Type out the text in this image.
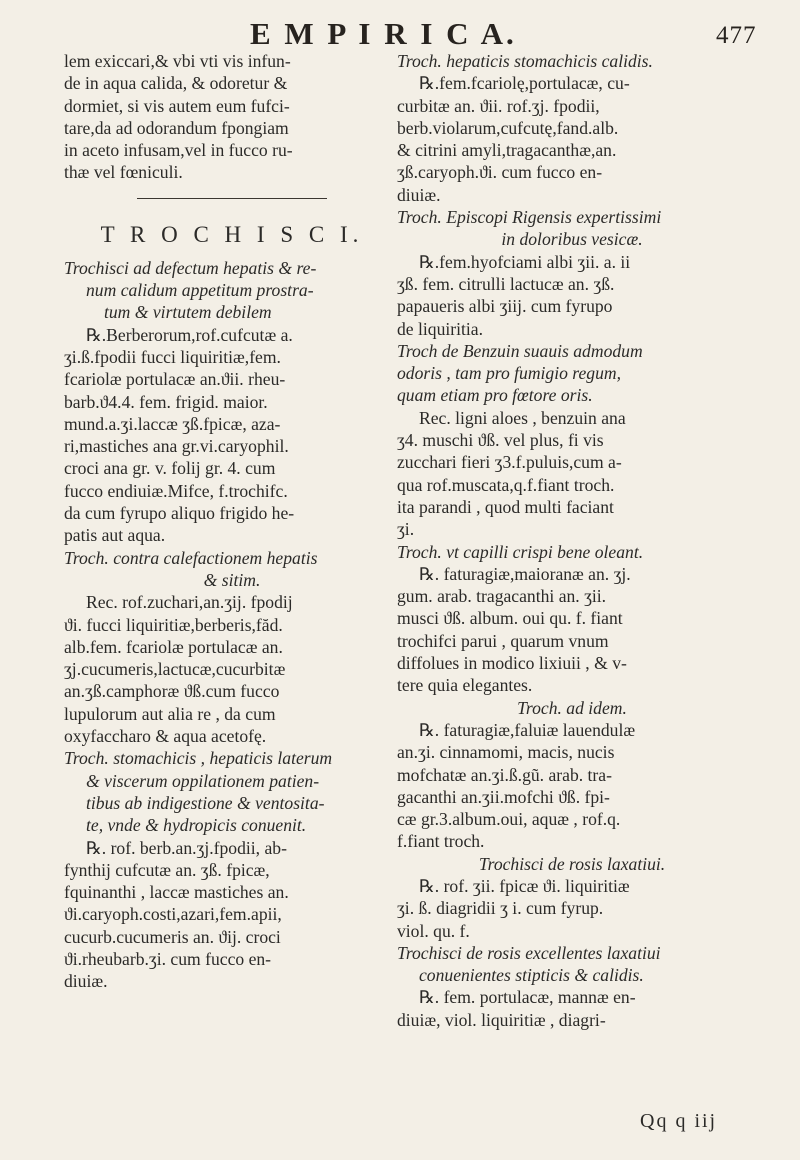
E M P I R I C A.	477
lem exiccari,& vbi vti vis infun-
de in aqua calida, & odoretur &
dormiet, si vis autem eum fufci-
tare,da ad odorandum fpongiam
in aceto infusam,vel in fucco ru-
thæ vel fœniculi.
T R O C H I S C I.
Trochisci ad defectum hepatis & re-
num calidum appetitum prostra-
tum & virtutem debilem
℞.Berberorum,rof.cufcutæ a.
ʒi.ß.fpodii fucci liquiritiæ,fem.
fcariolæ portulacæ an.ϑii. rheu-
barb.ϑ4.4. fem. frigid. maior.
mund.a.ʒi.laccæ ʒß.fpicæ, aza-
ri,mastiches ana gr.vi.caryophil.
croci ana gr. v. folij gr. 4. cum
fucco endiuiæ.Mifce, f.trochifc.
da cum fyrupo aliquo frigido he-
patis aut aqua.
Troch. contra calefactionem hepatis
& sitim.
Rec. rof.zuchari,an.ʒij. fpodij
ϑi. fucci liquiritiæ,berberis,făd.
alb.fem. fcariolæ portulacæ an.
ʒj.cucumeris,lactucæ,cucurbitæ
an.ʒß.camphoræ ϑß.cum fucco
lupulorum aut alia re , da cum
oxyfaccharo & aqua acetofę.
Troch. stomachicis , hepaticis laterum
& viscerum oppilationem patien-
tibus ab indigestione & ventosita-
te, vnde & hydropicis conuenit.
℞. rof. berb.an.ʒj.fpodii, ab-
fynthij cufcutæ an. ʒß. fpicæ,
fquinanthi , laccæ mastiches an.
ϑi.caryoph.costi,azari,fem.apii,
cucurb.cucumeris an. ϑij. croci
ϑi.rheubarb.ʒi. cum fucco en-
diuiæ.
Troch. hepaticis stomachicis calidis.
℞.fem.fcariolę,portulacæ, cu-
curbitæ an. ϑii. rof.ʒj. fpodii,
berb.violarum,cufcutę,fand.alb.
& citrini amyli,tragacanthæ,an.
ʒß.caryoph.ϑi. cum fucco en-
diuiæ.
Troch. Episcopi Rigensis expertissimi
in doloribus vesicæ.
℞.fem.hyofciami albi ʒii. a. ii
ʒß. fem. citrulli lactucæ an. ʒß.
papaueris albi ʒiij. cum fyrupo
de liquiritia.
Troch de Benzuin suauis admodum
odoris , tam pro fumigio regum,
quam etiam pro fœtore oris.
Rec. ligni aloes , benzuin ana
ʒ4. muschi ϑß. vel plus, fi vis
zucchari fieri ʒ3.f.puluis,cum a-
qua rof.muscata,q.f.fiant troch.
ita parandi , quod multi faciant
ʒi.
Troch. vt capilli crispi bene oleant.
℞. faturagiæ,maioranæ an. ʒj.
gum. arab. tragacanthi an. ʒii.
musci ϑß. album. oui qu. f. fiant
trochifci parui , quarum vnum
diffolues in modico lixiuii , & v-
tere quia elegantes.
Troch. ad idem.
℞. faturagiæ,faluiæ lauendulæ
an.ʒi. cinnamomi, macis, nucis
mofchatæ an.ʒi.ß.gũ. arab. tra-
gacanthi an.ʒii.mofchi ϑß. fpi-
cæ gr.3.album.oui, aquæ , rof.q.
f.fiant troch.
Trochisci de rosis laxatiui.
℞. rof. ʒii. fpicæ ϑi. liquiritiæ
ʒi. ß. diagridii ʒ i. cum fyrup.
viol. qu. f.
Trochisci de rosis excellentes laxatiui
conuenientes stipticis & calidis.
℞. fem. portulacæ, mannæ en-
diuiæ, viol. liquiritiæ , diagri-
Qq q iij
